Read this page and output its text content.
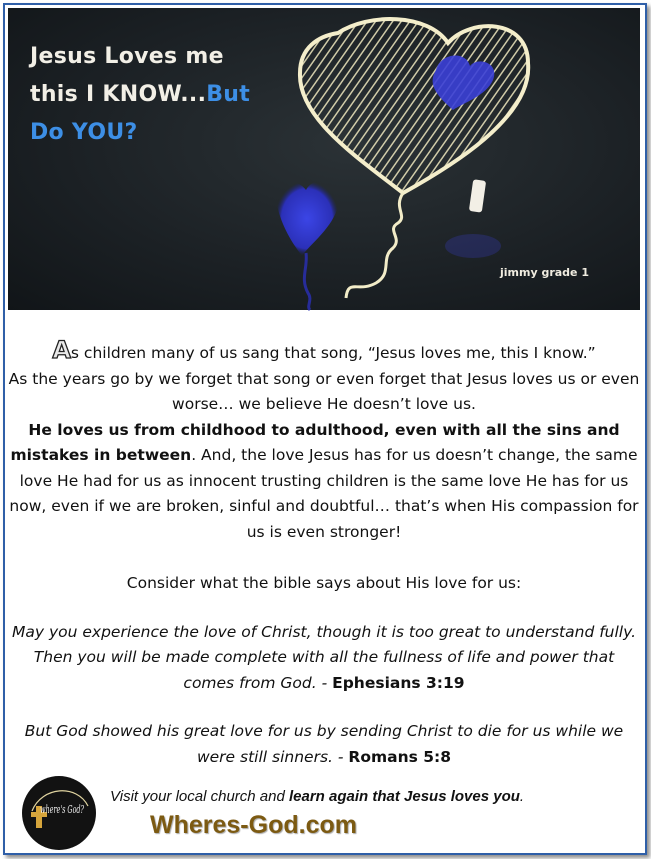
Jesus Loves me
this I KNOW...But
Do YOU?
jimmy grade 1

As children many of us sang that song, “Jesus loves me, this I know.”

As the years go by we forget that song or even forget that Jesus loves us or even worse… we believe He doesn’t love us.

He loves us from childhood to adulthood, even with all the sins and mistakes in between. And, the love Jesus has for us doesn’t change, the same love He had for us as innocent trusting children is the same love He has for us now, even if we are broken, sinful and doubtful… that’s when His compassion for us is even stronger!

Consider what the bible says about His love for us:

May you experience the love of Christ, though it is too great to understand fully. Then you will be made complete with all the fullness of life and power that comes from God. - Ephesians 3:19

But God showed his great love for us by sending Christ to die for us while we were still sinners. - Romans 5:8

where's God?
Visit your local church and learn again that Jesus loves you.
Wheres-God.com
